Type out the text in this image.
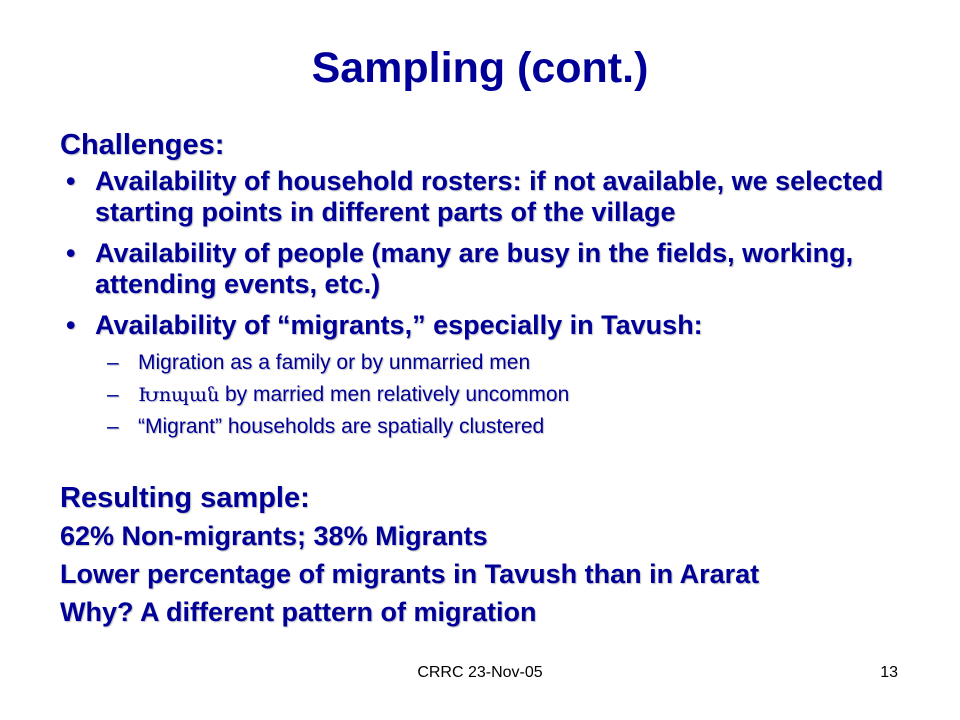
Sampling (cont.)

Challenges:

• Availability of household rosters: if not available, we selected starting points in different parts of the village
• Availability of people (many are busy in the fields, working, attending events, etc.)
• Availability of “migrants,” especially in Tavush:
– Migration as a family or by unmarried men
– Խոպան by married men relatively uncommon
– “Migrant” households are spatially clustered

Resulting sample:

62% Non-migrants; 38% Migrants

Lower percentage of migrants in Tavush than in Ararat

Why? A different pattern of migration

CRRC 23-Nov-05	13
